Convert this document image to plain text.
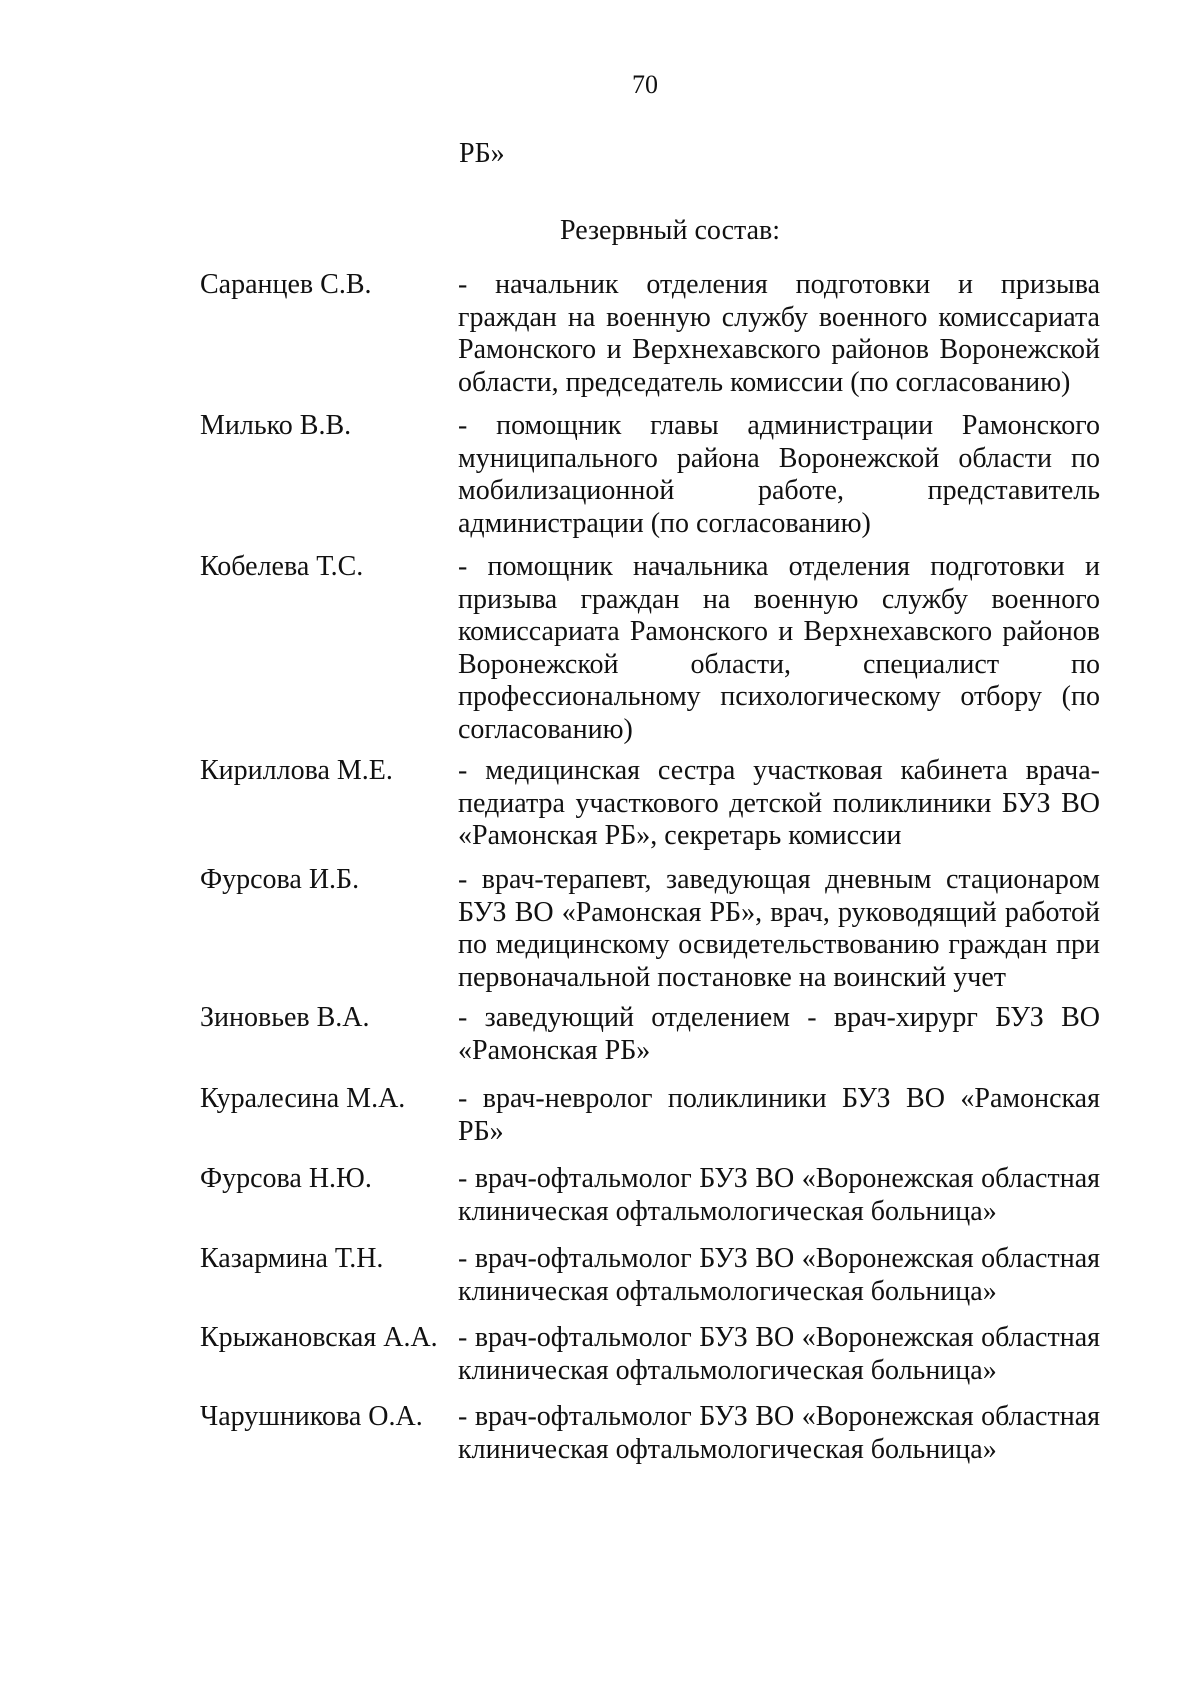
70
РБ»
Резервный состав:
Саранцев С.В.	- начальник отделения подготовки и призыва граждан на военную службу военного комиссариата Рамонского и Верхнехавского районов Воронежской области, председатель комиссии (по согласованию)
Милько В.В.	- помощник главы администрации Рамонского муниципального района Воронежской области по мобилизационной работе, представитель администрации (по согласованию)
Кобелева Т.С.	- помощник начальника отделения подготовки и призыва граждан на военную службу военного комиссариата Рамонского и Верхнехавского районов Воронежской области, специалист по профессиональному психологическому отбору (по согласованию)
Кириллова М.Е.	- медицинская сестра участковая кабинета врача-педиатра участкового детской поликлиники БУЗ ВО «Рамонская РБ», секретарь комиссии
Фурсова И.Б.	- врач-терапевт, заведующая дневным стационаром БУЗ ВО «Рамонская РБ», врач, руководящий работой по медицинскому освидетельствованию граждан при первоначальной постановке на воинский учет
Зиновьев В.А.	- заведующий отделением - врач-хирург БУЗ ВО «Рамонская РБ»
Куралесина М.А.	- врач-невролог поликлиники БУЗ ВО «Рамонская РБ»
Фурсова Н.Ю.	- врач-офтальмолог БУЗ ВО «Воронежская областная клиническая офтальмологическая больница»
Казармина Т.Н.	- врач-офтальмолог БУЗ ВО «Воронежская областная клиническая офтальмологическая больница»
Крыжановская А.А. - врач-офтальмолог БУЗ ВО «Воронежская областная клиническая офтальмологическая больница»
Чарушникова О.А.	- врач-офтальмолог БУЗ ВО «Воронежская областная клиническая офтальмологическая больница»
